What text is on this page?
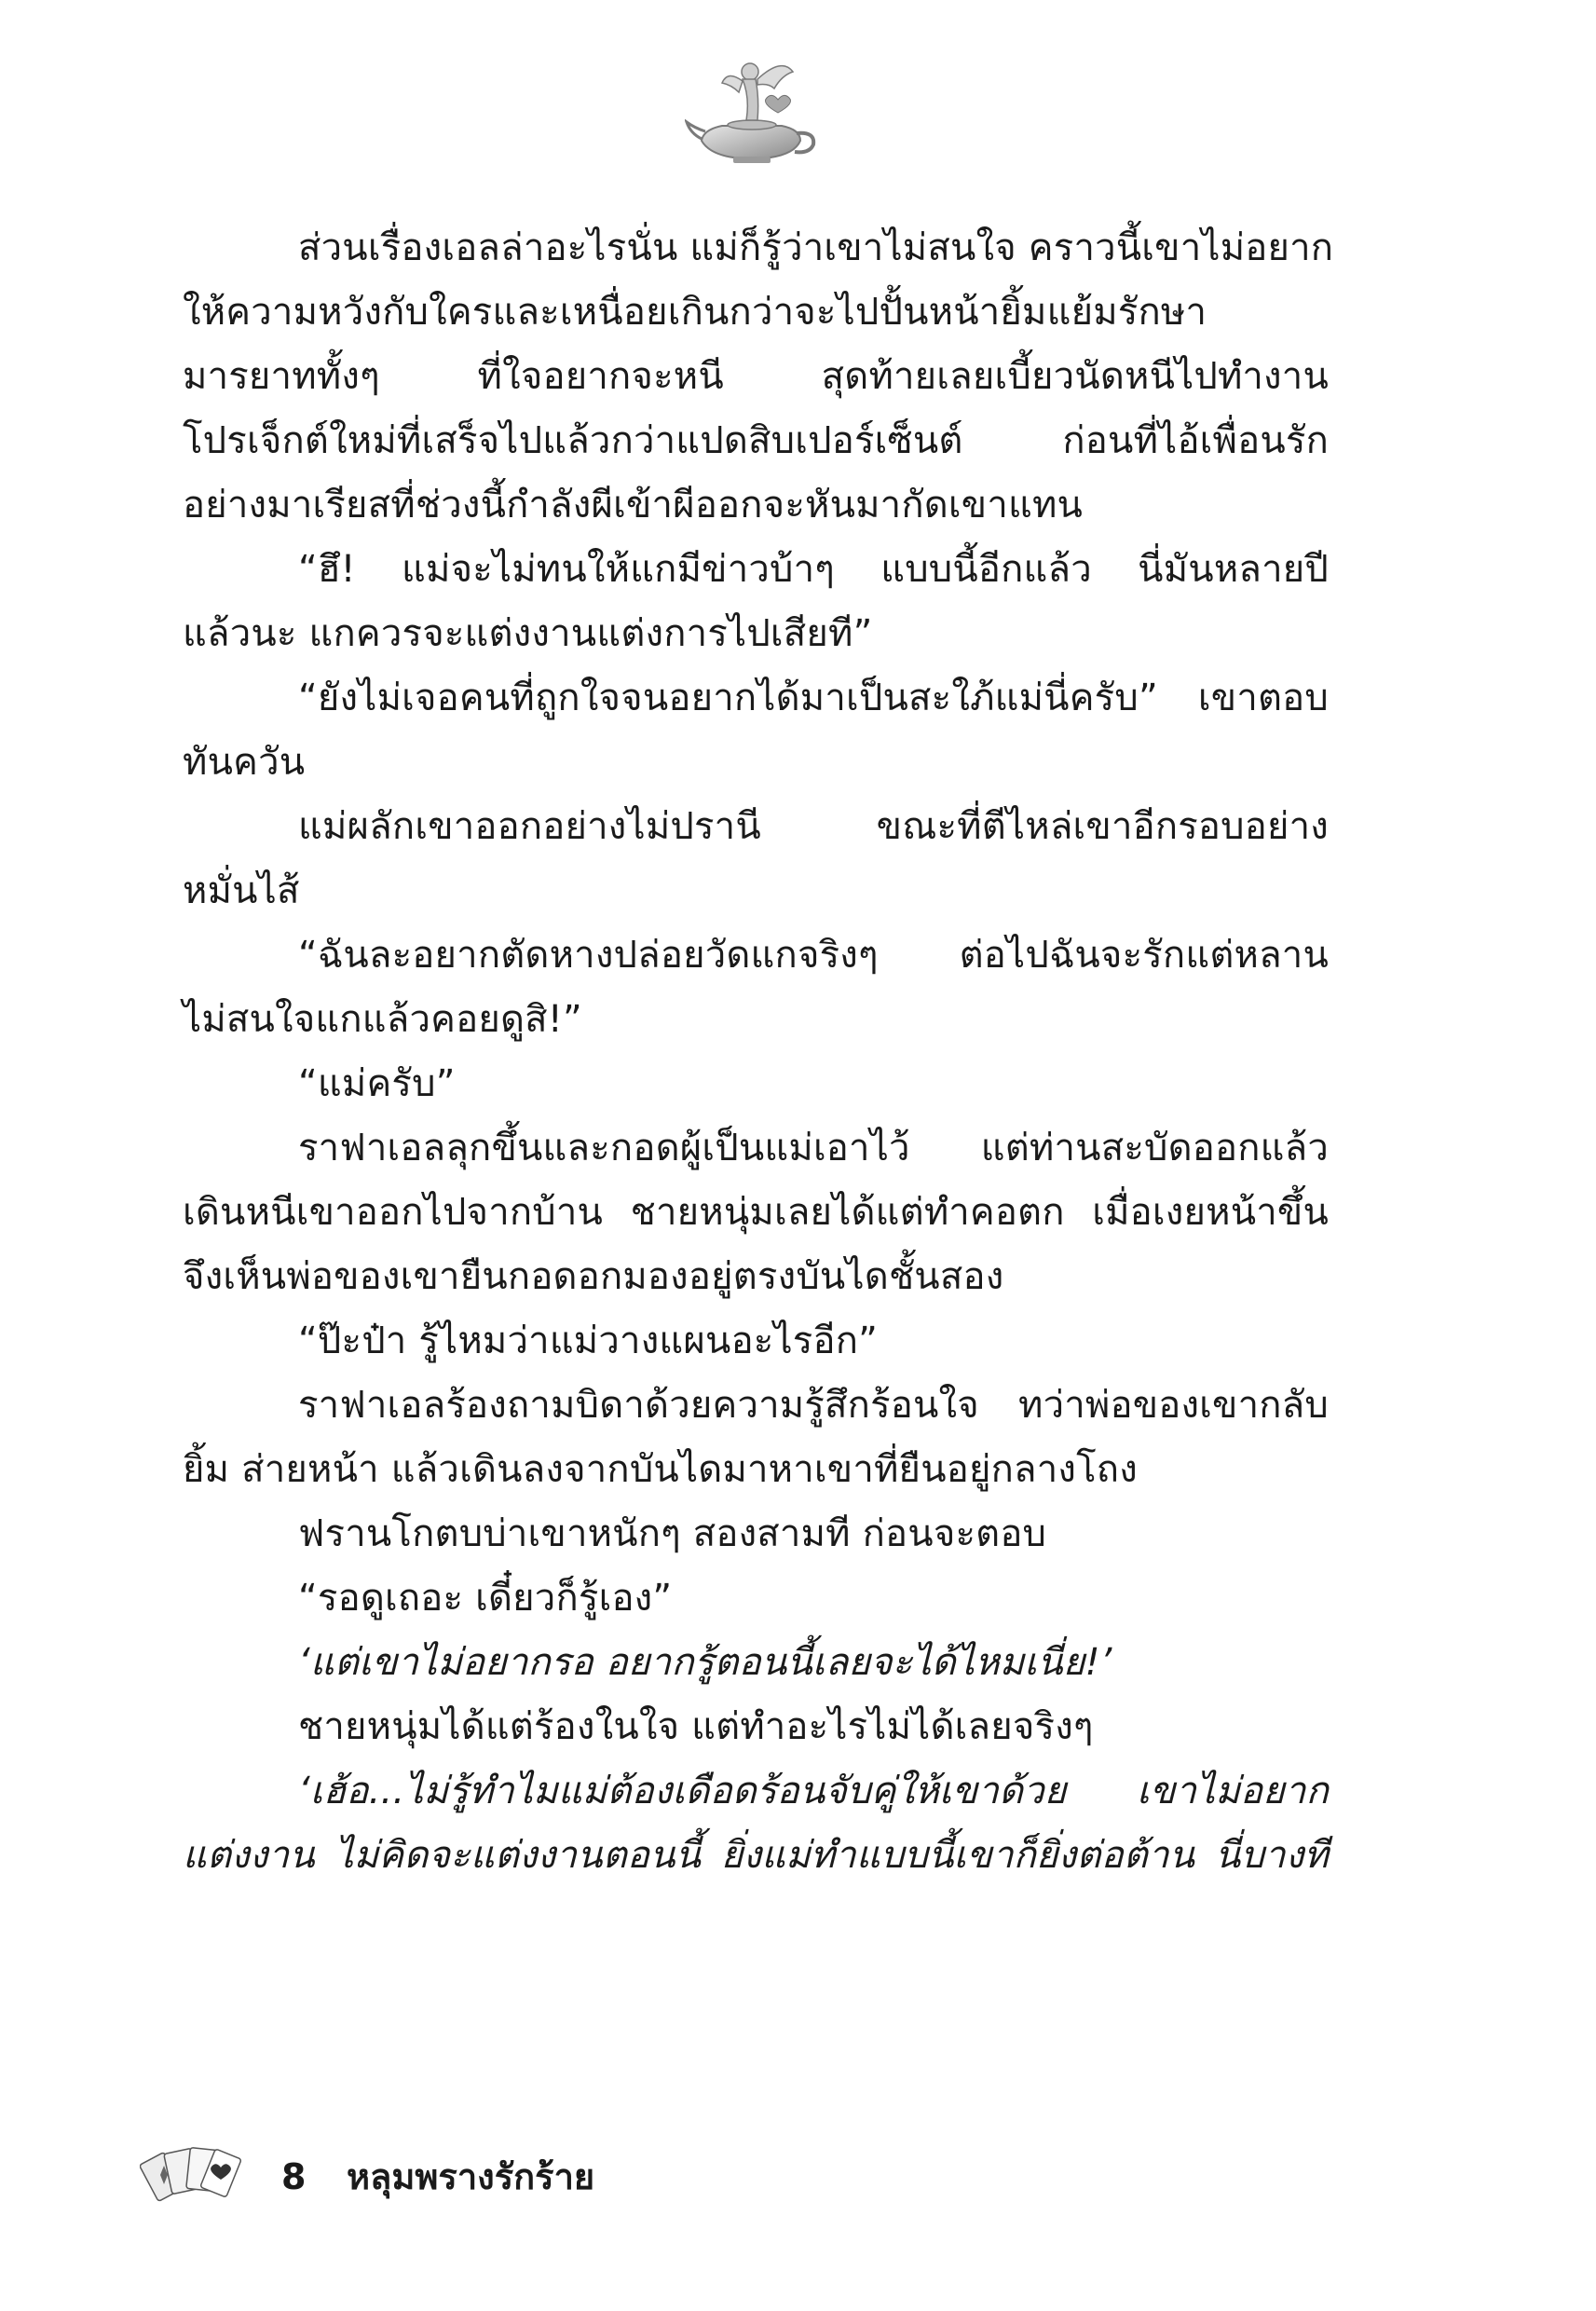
ส่วนเรื่องเอลล่าอะไรนั่น แม่ก็รู้ว่าเขาไม่สนใจ คราวนี้เขาไม่อยาก
ให้ความหวังกับใครและเหนื่อยเกินกว่าจะไปปั้นหน้ายิ้มแย้มรักษา
มารยาททั้งๆ ที่ใจอยากจะหนี สุดท้ายเลยเบี้ยวนัดหนีไปทำงาน
โปรเจ็กต์ใหม่ที่เสร็จไปแล้วกว่าแปดสิบเปอร์เซ็นต์ ก่อนที่ไอ้เพื่อนรัก
อย่างมาเรียสที่ช่วงนี้กำลังผีเข้าผีออกจะหันมากัดเขาแทน
“ฮึ! แม่จะไม่ทนให้แกมีข่าวบ้าๆ แบบนี้อีกแล้ว นี่มันหลายปี
แล้วนะ แกควรจะแต่งงานแต่งการไปเสียที”
“ยังไม่เจอคนที่ถูกใจจนอยากได้มาเป็นสะใภ้แม่นี่ครับ” เขาตอบ
ทันควัน
แม่ผลักเขาออกอย่างไม่ปรานี ขณะที่ตีไหล่เขาอีกรอบอย่าง
หมั่นไส้
“ฉันละอยากตัดหางปล่อยวัดแกจริงๆ ต่อไปฉันจะรักแต่หลาน
ไม่สนใจแกแล้วคอยดูสิ!”
“แม่ครับ”
ราฟาเอลลุกขึ้นและกอดผู้เป็นแม่เอาไว้ แต่ท่านสะบัดออกแล้ว
เดินหนีเขาออกไปจากบ้าน ชายหนุ่มเลยได้แต่ทำคอตก เมื่อเงยหน้าขึ้น
จึงเห็นพ่อของเขายืนกอดอกมองอยู่ตรงบันไดชั้นสอง
“ป๊ะป๋า รู้ไหมว่าแม่วางแผนอะไรอีก”
ราฟาเอลร้องถามบิดาด้วยความรู้สึกร้อนใจ ทว่าพ่อของเขากลับ
ยิ้ม ส่ายหน้า แล้วเดินลงจากบันไดมาหาเขาที่ยืนอยู่กลางโถง
ฟรานโกตบบ่าเขาหนักๆ สองสามที ก่อนจะตอบ
“รอดูเถอะ เดี๋ยวก็รู้เอง”
‘แต่เขาไม่อยากรอ อยากรู้ตอนนี้เลยจะได้ไหมเนี่ย!’
ชายหนุ่มได้แต่ร้องในใจ แต่ทำอะไรไม่ได้เลยจริงๆ
‘เฮ้อ...ไม่รู้ทำไมแม่ต้องเดือดร้อนจับคู่ให้เขาด้วย เขาไม่อยาก
แต่งงาน ไม่คิดจะแต่งงานตอนนี้ ยิ่งแม่ทำแบบนี้เขาก็ยิ่งต่อต้าน นี่บางที
8 หลุมพรางรักร้าย
